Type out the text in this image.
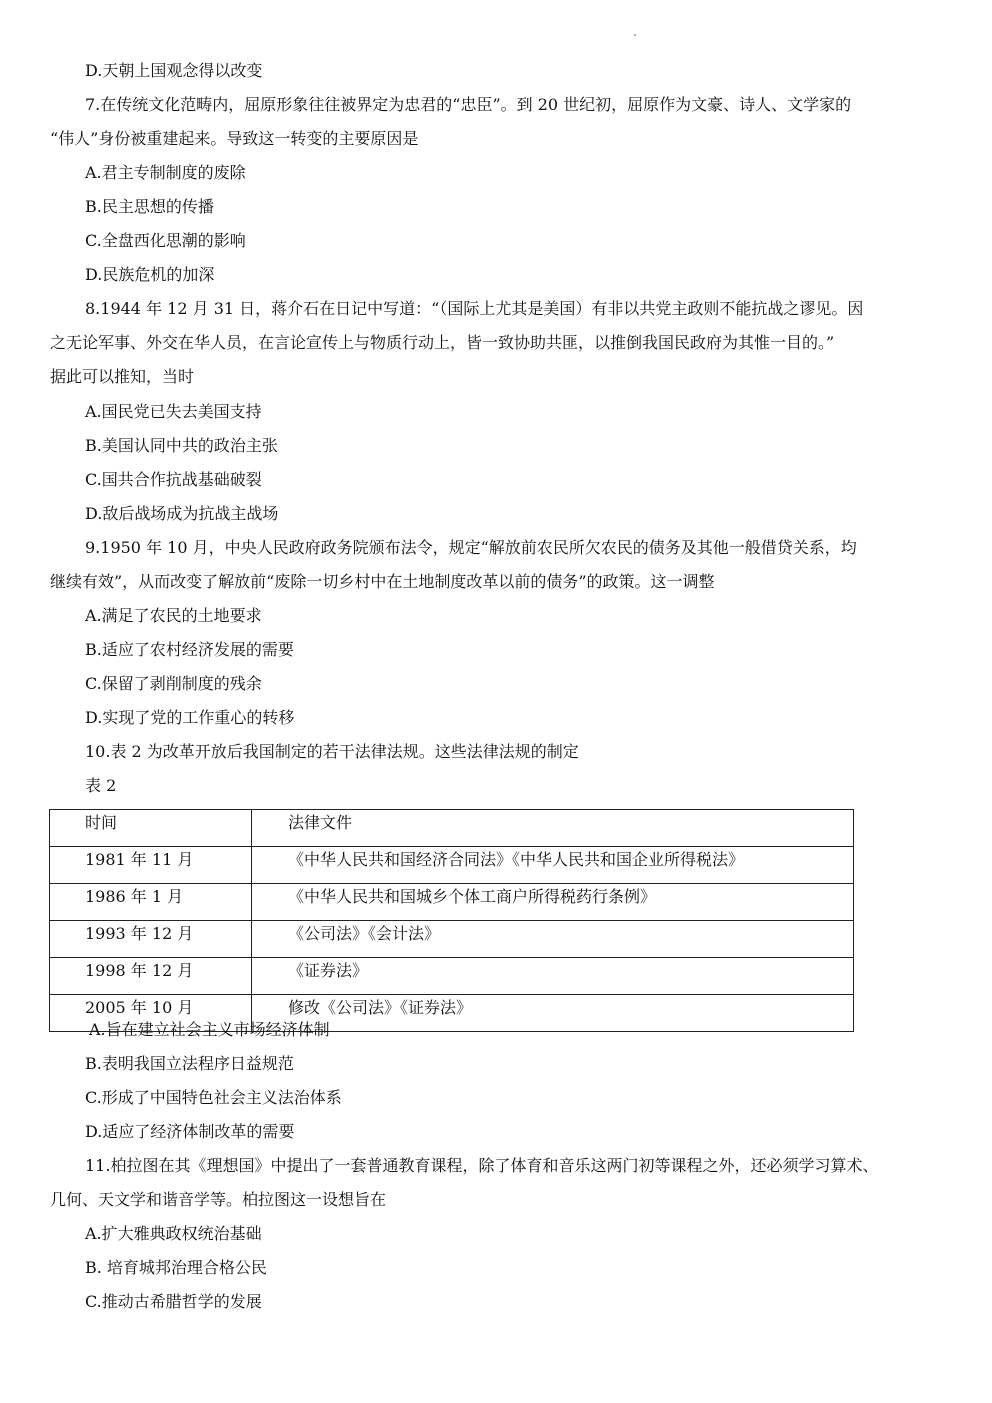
D.天朝上国观念得以改变
7.在传统文化范畴内，屈原形象往往被界定为忠君的“忠臣”。到 20 世纪初，屈原作为文豪、诗人、文学家的
“伟人”身份被重建起来。导致这一转变的主要原因是
A.君主专制制度的废除
B.民主思想的传播
C.全盘西化思潮的影响
D.民族危机的加深
8.1944 年 12 月 31 日，蒋介石在日记中写道：“（国际上尤其是美国）有非以共党主政则不能抗战之谬见。因
之无论军事、外交在华人员，在言论宣传上与物质行动上，皆一致协助共匪，以推倒我国民政府为其惟一目的。”
据此可以推知，当时
A.国民党已失去美国支持
B.美国认同中共的政治主张
C.国共合作抗战基础破裂
D.敌后战场成为抗战主战场
9.1950 年 10 月，中央人民政府政务院颁布法令，规定“解放前农民所欠农民的债务及其他一般借贷关系，均
继续有效”，从而改变了解放前“废除一切乡村中在土地制度改革以前的债务”的政策。这一调整
A.满足了农民的土地要求
B.适应了农村经济发展的需要
C.保留了剥削制度的残余
D.实现了党的工作重心的转移
10.表 2 为改革开放后我国制定的若干法律法规。这些法律法规的制定
表 2
时间	法律文件
1981 年 11 月	《中华人民共和国经济合同法》《中华人民共和国企业所得税法》
1986 年 1 月	《中华人民共和国城乡个体工商户所得税药行条例》
1993 年 12 月	《公司法》《会计法》
1998 年 12 月	《证券法》
2005 年 10 月	修改《公司法》《证券法》
A.旨在建立社会主义市场经济体制
B.表明我国立法程序日益规范
C.形成了中国特色社会主义法治体系
D.适应了经济体制改革的需要
11.柏拉图在其《理想国》中提出了一套普通教育课程，除了体育和音乐这两门初等课程之外，还必须学习算术、
几何、天文学和谐音学等。柏拉图这一设想旨在
A.扩大雅典政权统治基础
B. 培育城邦治理合格公民
C.推动古希腊哲学的发展
